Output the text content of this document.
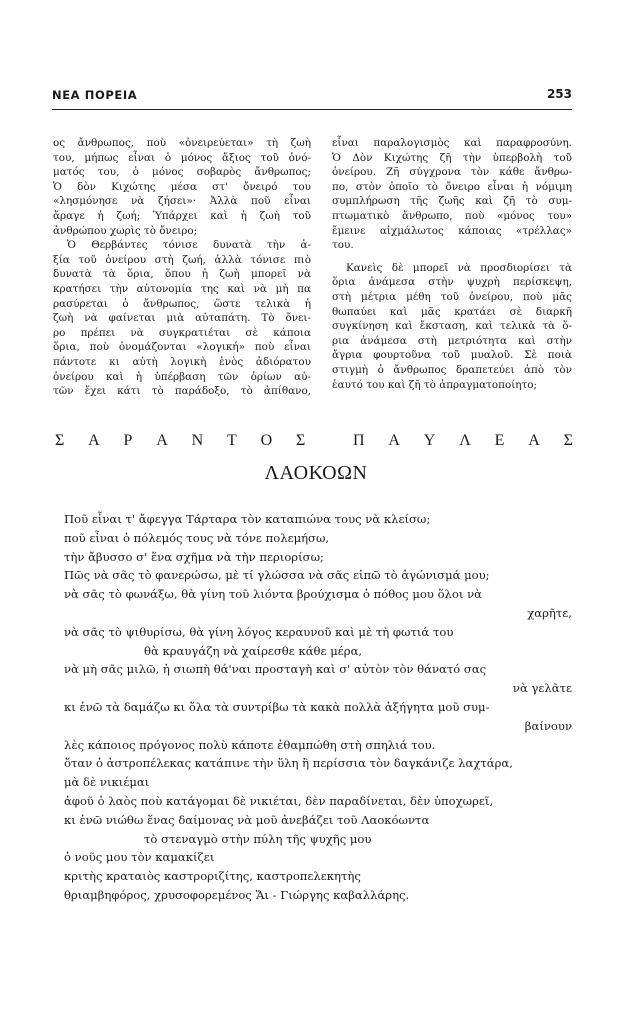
ΝΕΑ ΠΟΡΕΙΑ	253
ος ἄνθρωπος, ποὺ «ὀνειρεύεται» τὴ ζωὴ
του, μήπως εἶναι ὁ μόνος ἄξιος τοῦ ὀνό-
ματός του, ὁ μόνος σοβαρὸς ἄνθρωπος;
Ὁ δὸν Κιχώτης μέσα στ' ὄνειρό του
«λησμόνησε νὰ ζήσει»· Ἀλλὰ ποῦ εἶναι
ἄραγε ἡ ζωή; Ὑπάρχει καὶ ἡ ζωὴ τοῦ
ἀνθρώπου χωρὶς τὸ ὄνειρο;
Ὁ Θερβάντες τόνισε δυνατὰ τὴν ἀ-
ξία τοῦ ὀνείρου στὴ ζωή, ἀλλὰ τόνισε πιὸ
δυνατὰ τὰ ὅρια, ὅπου ἡ ζωὴ μπορεῖ νὰ
κρατήσει τὴν αὐτονομία της καὶ νὰ μὴ πα
ρασύρεται ὁ ἄνθρωπος, ὥστε τελικὰ ἡ
ζωὴ νὰ φαίνεται μιὰ αὐταπάτη. Τὸ ὄνει-
ρο πρέπει νὰ συγκρατιέται σὲ κάποια
ὅρια, ποὺ ὀνομάζονται «λογική» ποὺ εἶναι
πάντοτε κι αὐτὴ λογικὴ ἑνὸς ἀδιόρατου
ὀνείρου καὶ ἡ ὑπέρβαση τῶν ὁρίων αὐ-
τῶν ἔχει κάτι τὸ παράδοξο, τὸ ἀπίθανο,
εἶναι παραλογισμὸς καὶ παραφροσύνη.
Ὁ Δὸν Κιχώτης ζῆ τὴν ὑπερβολὴ τοῦ
ὀνείρου. Ζῆ σύγχρονα τὸν κάθε ἄνθρω-
πο, στὸν ὁποῖο τὸ ὄνειρο εἶναι ἡ νόμιμη
συμπλήρωση τῆς ζωῆς καὶ ζῆ τὸ συμ-
πτωματικὸ ἄνθρωπο, ποὺ «μόνος του»
ἔμεινε αἰχμάλωτος κάποιας «τρέλλας»
του.
Κανεὶς δὲ μπορεῖ νὰ προσδιορίσει τὰ
ὅρια ἀνάμεσα στὴν ψυχρὴ περίσκεψη,
στὴ μέτρια μέθη τοῦ ὀνείρου, ποὺ μᾶς
θωπαύει καὶ μᾶς κρατάει σὲ διαρκῆ
συγκίνηση καὶ ἔκσταση, καὶ τελικὰ τὰ ὅ-
ρια ἀνάμεσα στὴ μετριότητα καὶ στὴν
ἄγρια φουρτοῦνα τοῦ μυαλοῦ. Σὲ ποιὰ
στιγμὴ ὁ ἄνθρωπος δραπετεύει ἀπὸ τὸν
ἑαυτό του καὶ ζῆ τὸ ἀπραγματοποίητο;
Σ Α Ρ Α Ν Τ Ο Σ	Π Α Υ Λ Ε Α Σ
ΛΑΟΚΟΩΝ
Ποῦ εἶναι τ' ἄφεγγα Τάρταρα τὸν καταπιώνα τους νὰ κλείσω;
ποῦ εἶναι ὁ πόλεμός τους νὰ τόνε πολεμήσω,
τὴν ἄβυσσο σ' ἕνα σχῆμα νὰ τὴν περιορίσω;
Πῶς νὰ σᾶς τὸ φανερώσω, μὲ τί γλώσσα νὰ σᾶς εἰπῶ τὸ ἀγώνισμά μου;
νὰ σᾶς τὸ φωνάξω, θὰ γίνη τοῦ λιόντα βρούχισμα ὁ πόθος μου ὅλοι νὰ
χαρῆτε,
νὰ σᾶς τὸ ψιθυρίσω, θὰ γίνη λόγος κεραυνοῦ καὶ μὲ τὴ φωτιά του
θὰ κραυγάζη νὰ χαίρεσθε κάθε μέρα,
νὰ μὴ σᾶς μιλῶ, ἡ σιωπὴ θά'ναι προσταγὴ καὶ σ' αὐτὸν τὸν θάνατό σας
νὰ γελᾶτε
κι ἐνῶ τὰ δαμάζω κι ὅλα τὰ συντρίβω τὰ κακὰ πολλὰ ἀξήγητα μοῦ συμ-
βαίνουν
λὲς κάποιος πρόγονος πολὺ κάποτε ἐθαμπώθη στὴ σπηλιά του.
ὅταν ὁ ἀστροπέλεκας κατάπινε τὴν ὕλη ἢ περίσσια τὸν δαγκάνιζε λαχτάρα,
μὰ δὲ νικιέμαι
ἀφοῦ ὁ λαὸς ποὺ κατάγομαι δὲ νικιέται, δὲν παραδίνεται, δὲν ὑποχωρεῖ,
κι ἐνῶ νιώθω ἕνας δαίμονας νὰ μοῦ ἀνεβάζει τοῦ Λαοκόωντα
τὸ στεναγμὸ στὴν πύλη τῆς ψυχῆς μου
ὁ νοῦς μου τὸν καμακίζει
κριτὴς κραταιὸς καστροριζίτης, καστροπελεκητὴς
θριαμβηφόρος, χρυσοφορεμένος Ἅι - Γιώργης καβαλλάρης.
